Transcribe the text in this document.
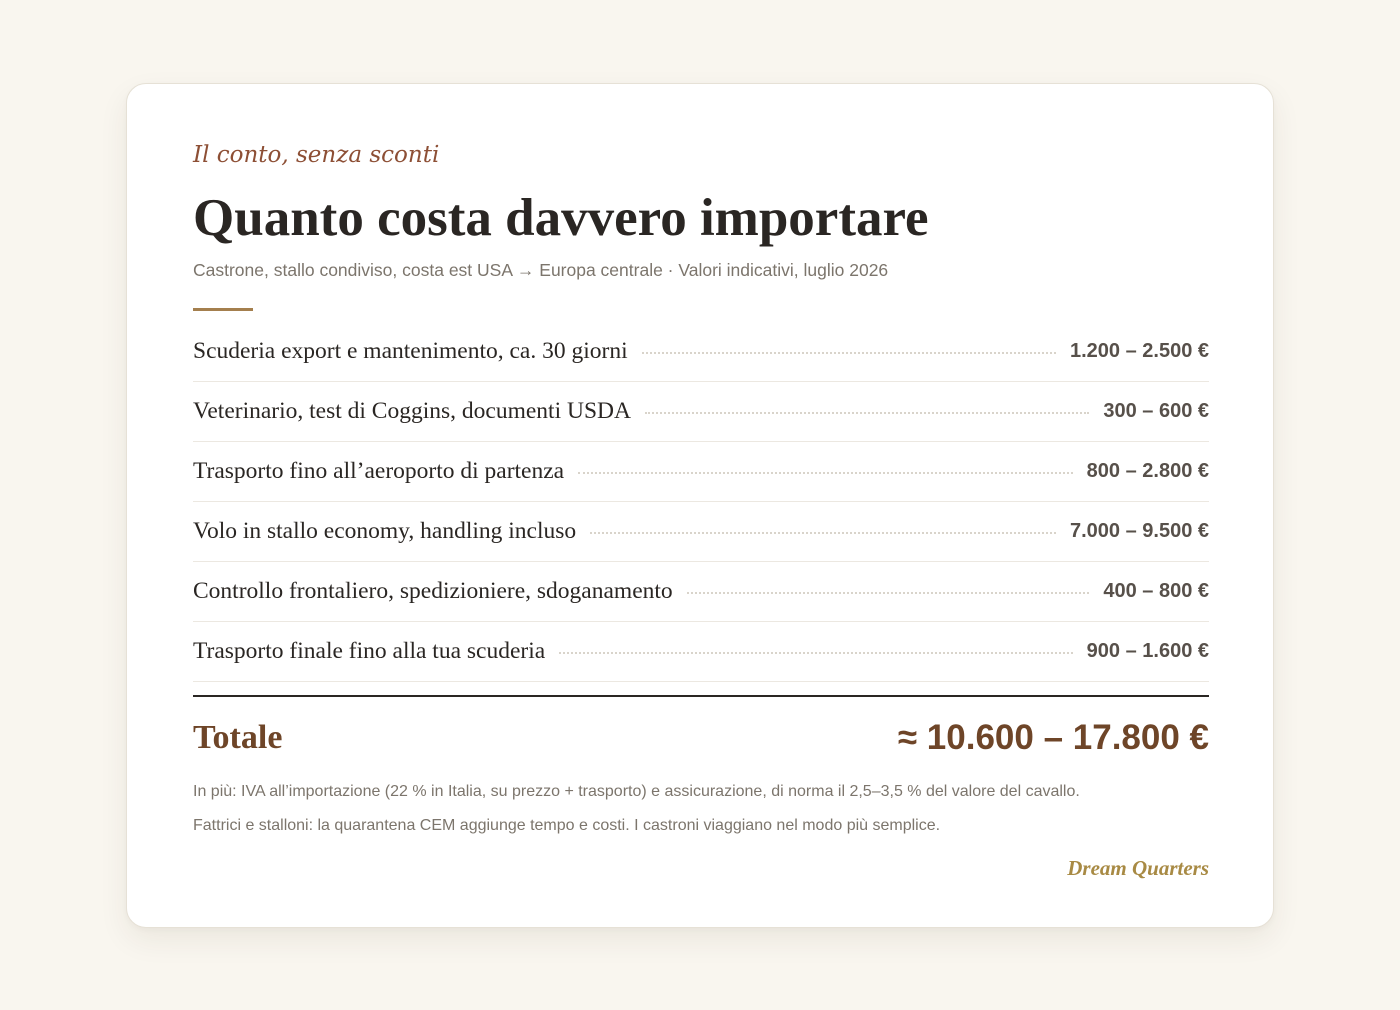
Il conto, senza sconti
Quanto costa davvero importare
Castrone, stallo condiviso, costa est USA → Europa centrale · Valori indicativi, luglio 2026
Scuderia export e mantenimento, ca. 30 giorni	1.200 – 2.500 €
Veterinario, test di Coggins, documenti USDA	300 – 600 €
Trasporto fino all’aeroporto di partenza	800 – 2.800 €
Volo in stallo economy, handling incluso	7.000 – 9.500 €
Controllo frontaliero, spedizioniere, sdoganamento	400 – 800 €
Trasporto finale fino alla tua scuderia	900 – 1.600 €
Totale	≈ 10.600 – 17.800 €
In più: IVA all’importazione (22 % in Italia, su prezzo + trasporto) e assicurazione, di norma il 2,5–3,5 % del valore del cavallo.
Fattrici e stalloni: la quarantena CEM aggiunge tempo e costi. I castroni viaggiano nel modo più semplice.
Dream Quarters
